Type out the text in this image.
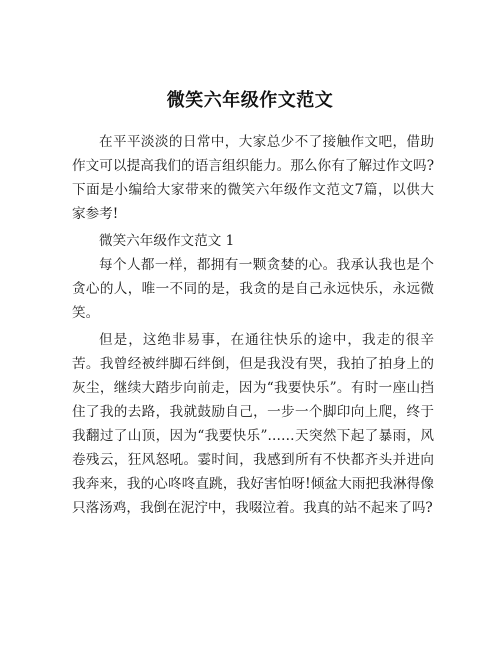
微笑六年级作文范文

在平平淡淡的日常中，大家总少不了接触作文吧，借助作文可以提高我们的语言组织能力。那么你有了解过作文吗?下面是小编给大家带来的微笑六年级作文范文7篇，以供大家参考!

微笑六年级作文范文 1

每个人都一样，都拥有一颗贪婪的心。我承认我也是个贪心的人，唯一不同的是，我贪的是自己永远快乐，永远微笑。

但是，这绝非易事，在通往快乐的途中，我走的很辛苦。我曾经被绊脚石绊倒，但是我没有哭，我拍了拍身上的灰尘，继续大踏步向前走，因为“我要快乐”。有时一座山挡住了我的去路，我就鼓励自己，一步一个脚印向上爬，终于我翻过了山顶，因为“我要快乐”……天突然下起了暴雨，风卷残云，狂风怒吼。霎时间，我感到所有不快都齐头并进向我奔来，我的心咚咚直跳，我好害怕呀!倾盆大雨把我淋得像只落汤鸡，我倒在泥泞中，我啜泣着。我真的站不起来了吗?
